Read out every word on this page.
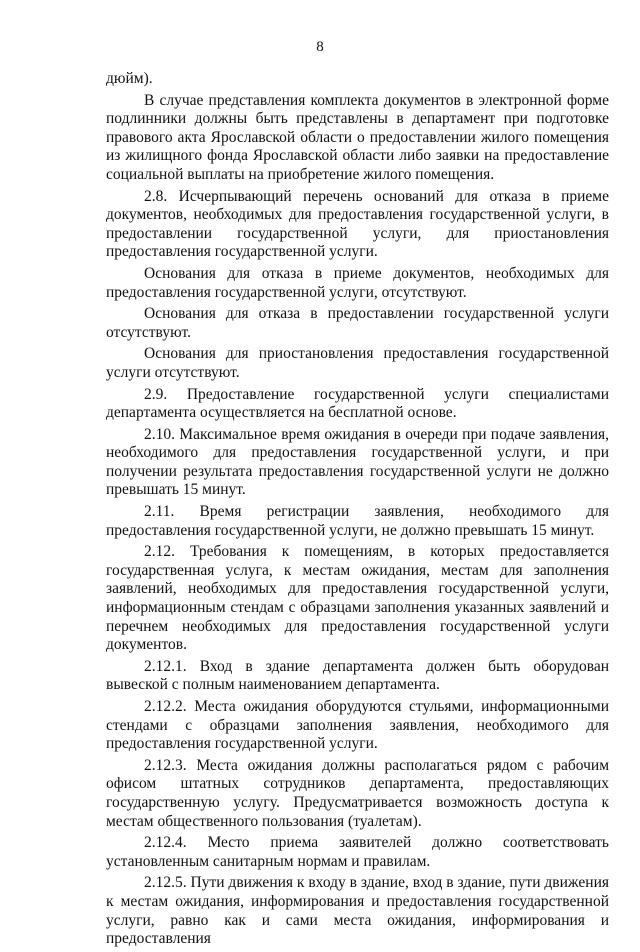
8

дюйм).

В случае представления комплекта документов в электронной форме подлинники должны быть представлены в департамент при подготовке правового акта Ярославской области о предоставлении жилого помещения из жилищного фонда Ярославской области либо заявки на предоставление социальной выплаты на приобретение жилого помещения.

2.8. Исчерпывающий перечень оснований для отказа в приеме документов, необходимых для предоставления государственной услуги, в предоставлении государственной услуги, для приостановления предоставления государственной услуги.

Основания для отказа в приеме документов, необходимых для предоставления государственной услуги, отсутствуют.

Основания для отказа в предоставлении государственной услуги отсутствуют.

Основания для приостановления предоставления государственной услуги отсутствуют.

2.9. Предоставление государственной услуги специалистами департамента осуществляется на бесплатной основе.

2.10. Максимальное время ожидания в очереди при подаче заявления, необходимого для предоставления государственной услуги, и при получении результата предоставления государственной услуги не должно превышать 15 минут.

2.11. Время регистрации заявления, необходимого для предоставления государственной услуги, не должно превышать 15 минут.

2.12. Требования к помещениям, в которых предоставляется государственная услуга, к местам ожидания, местам для заполнения заявлений, необходимых для предоставления государственной услуги, информационным стендам с образцами заполнения указанных заявлений и перечнем необходимых для предоставления государственной услуги документов.

2.12.1. Вход в здание департамента должен быть оборудован вывеской с полным наименованием департамента.

2.12.2. Места ожидания оборудуются стульями, информационными стендами с образцами заполнения заявления, необходимого для предоставления государственной услуги.

2.12.3. Места ожидания должны располагаться рядом с рабочим офисом штатных сотрудников департамента, предоставляющих государственную услугу. Предусматривается возможность доступа к местам общественного пользования (туалетам).

2.12.4. Место приема заявителей должно соответствовать установленным санитарным нормам и правилам.

2.12.5. Пути движения к входу в здание, вход в здание, пути движения к местам ожидания, информирования и предоставления государственной услуги, равно как и сами места ожидания, информирования и предоставления
